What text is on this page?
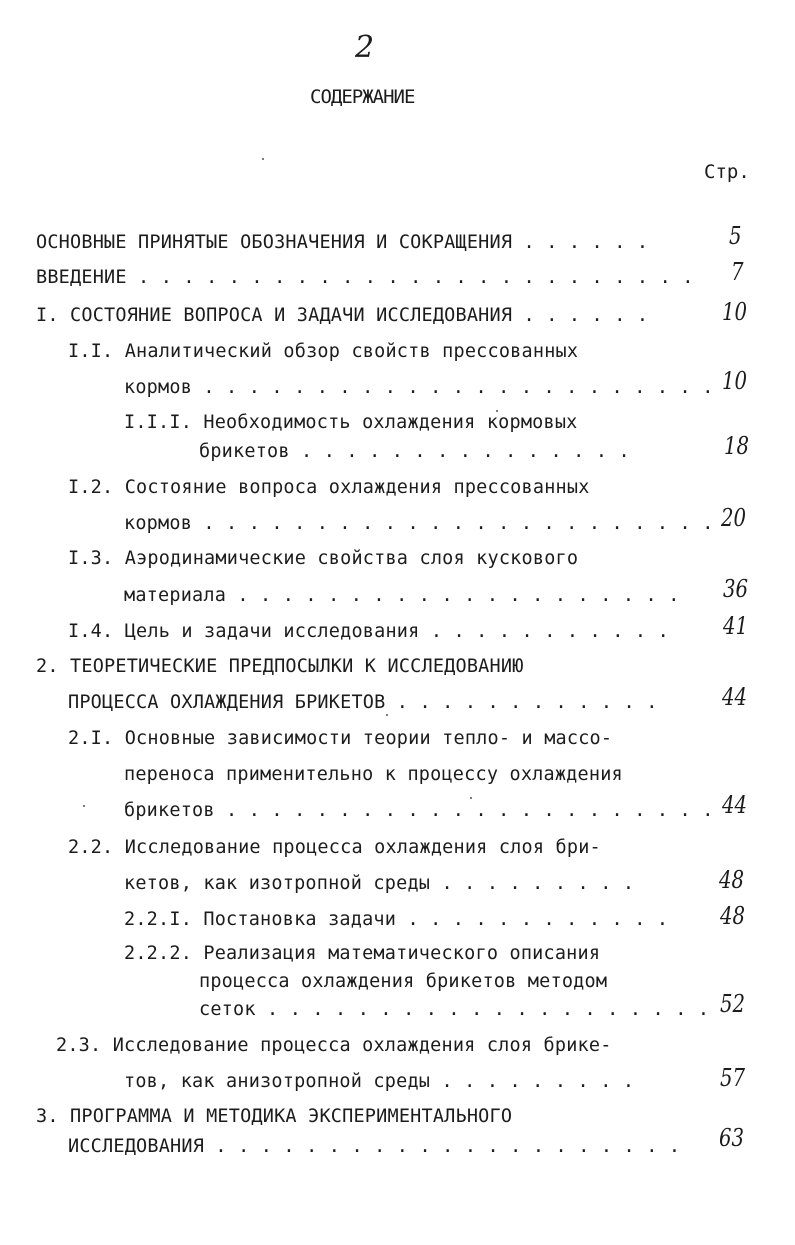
2
СОДЕРЖАНИЕ
Стр.
ОСНОВНЫЕ ПРИНЯТЫЕ ОБОЗНАЧЕНИЯ И СОКРАЩЕНИЯ . . . . . .	5
ВВЕДЕНИЕ . . . . . . . . . . . . . . . . . . . . . . . . . 7
I. СОСТОЯНИЕ ВОПРОСА И ЗАДАЧИ ИССЛЕДОВАНИЯ . . . . . .	10
I.I. Аналитический обзор свойств прессованных
кормов . . . . . . . . . . . . . . . . . . . . . . . 10
I.I.I. Необходимость охлаждения кормовых
брикетов . . . . . . . . . . . . . . .	18
I.2. Состояние вопроса охлаждения прессованных
кормов . . . . . . . . . . . . . . . . . . . . . . . 20
I.3. Аэродинамические свойства слоя кускового
материала . . . . . . . . . . . . . . . . . . . . 36
I.4. Цель и задачи исследования . . . . . . . . . . . 41
2. ТЕОРЕТИЧЕСКИЕ ПРЕДПОСЫЛКИ К ИССЛЕДОВАНИЮ
ПРОЦЕССА ОХЛАЖДЕНИЯ БРИКЕТОВ . . . . . . . . . . . .	44
2.I. Основные зависимости теории тепло- и массо-
переноса применительно к процессу охлаждения
брикетов . . . . . . . . . . . . . . . . . . . . . . 44
2.2. Исследование процесса охлаждения слоя бри-
кетов, как изотропной среды . . . . . . . . .	48
2.2.I. Постановка задачи . . . . . . . . . . . . 48
2.2.2. Реализация математического описания
процесса охлаждения брикетов методом
сеток . . . . . . . . . . . . . . . . . . . . 52
2.3. Исследование процесса охлаждения слоя брике-
тов, как анизотропной среды . . . . . . . . .	57
3. ПРОГРАММА И МЕТОДИКА ЭКСПЕРИМЕНТАЛЬНОГО
ИССЛЕДОВАНИЯ . . . . . . . . . . . . . . . . . . . . . 63
